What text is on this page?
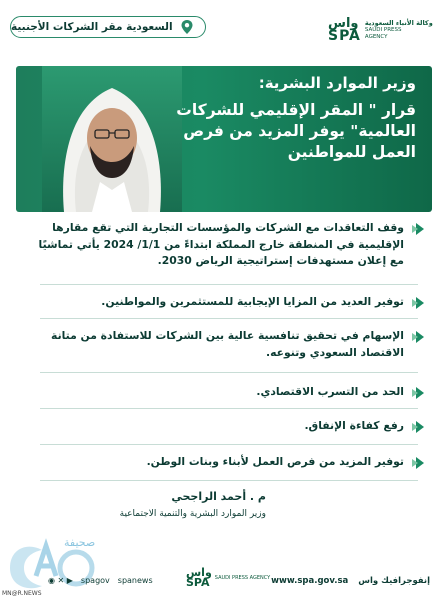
السعودية مقر الشركات الأجنبية	واس
SPA
وكالة الأنباء السعودية
SAUDI PRESS
AGENCY
وزير الموارد البشرية:
قرار " المقر الإقليمي للشركات العالمية" يوفر المزيد من فرص العمل للمواطنين
وقف التعاقدات مع الشركات والمؤسسات التجارية التي تقع مقارها الإقليمية في المنطقة خارج المملكة ابتداءً من 1/1/ 2024 يأتي تماشيًا مع إعلان مستهدفات إستراتيجية الرياض 2030.
توفير العديد من المزايا الإيجابية للمستثمرين والمواطنين.
الإسهام في تحقيق تنافسية عالية بين الشركات للاستفادة من متانة الاقتصاد السعودي وتنوعه.
الحد من التسرب الاقتصادي.
رفع كفاءة الإنفاق.
توفير المزيد من فرص العمل لأبناء وبنات الوطن.
م . أحمد الراجحي
وزير الموارد البشرية والتنمية الاجتماعية
صحيفة
◉ ✕ ▶ spagov spanews
واس
SPA	SAUDI PRESS AGENCY	إنفوجرافيك واس
www.spa.gov.sa
MN@R.NEWS
